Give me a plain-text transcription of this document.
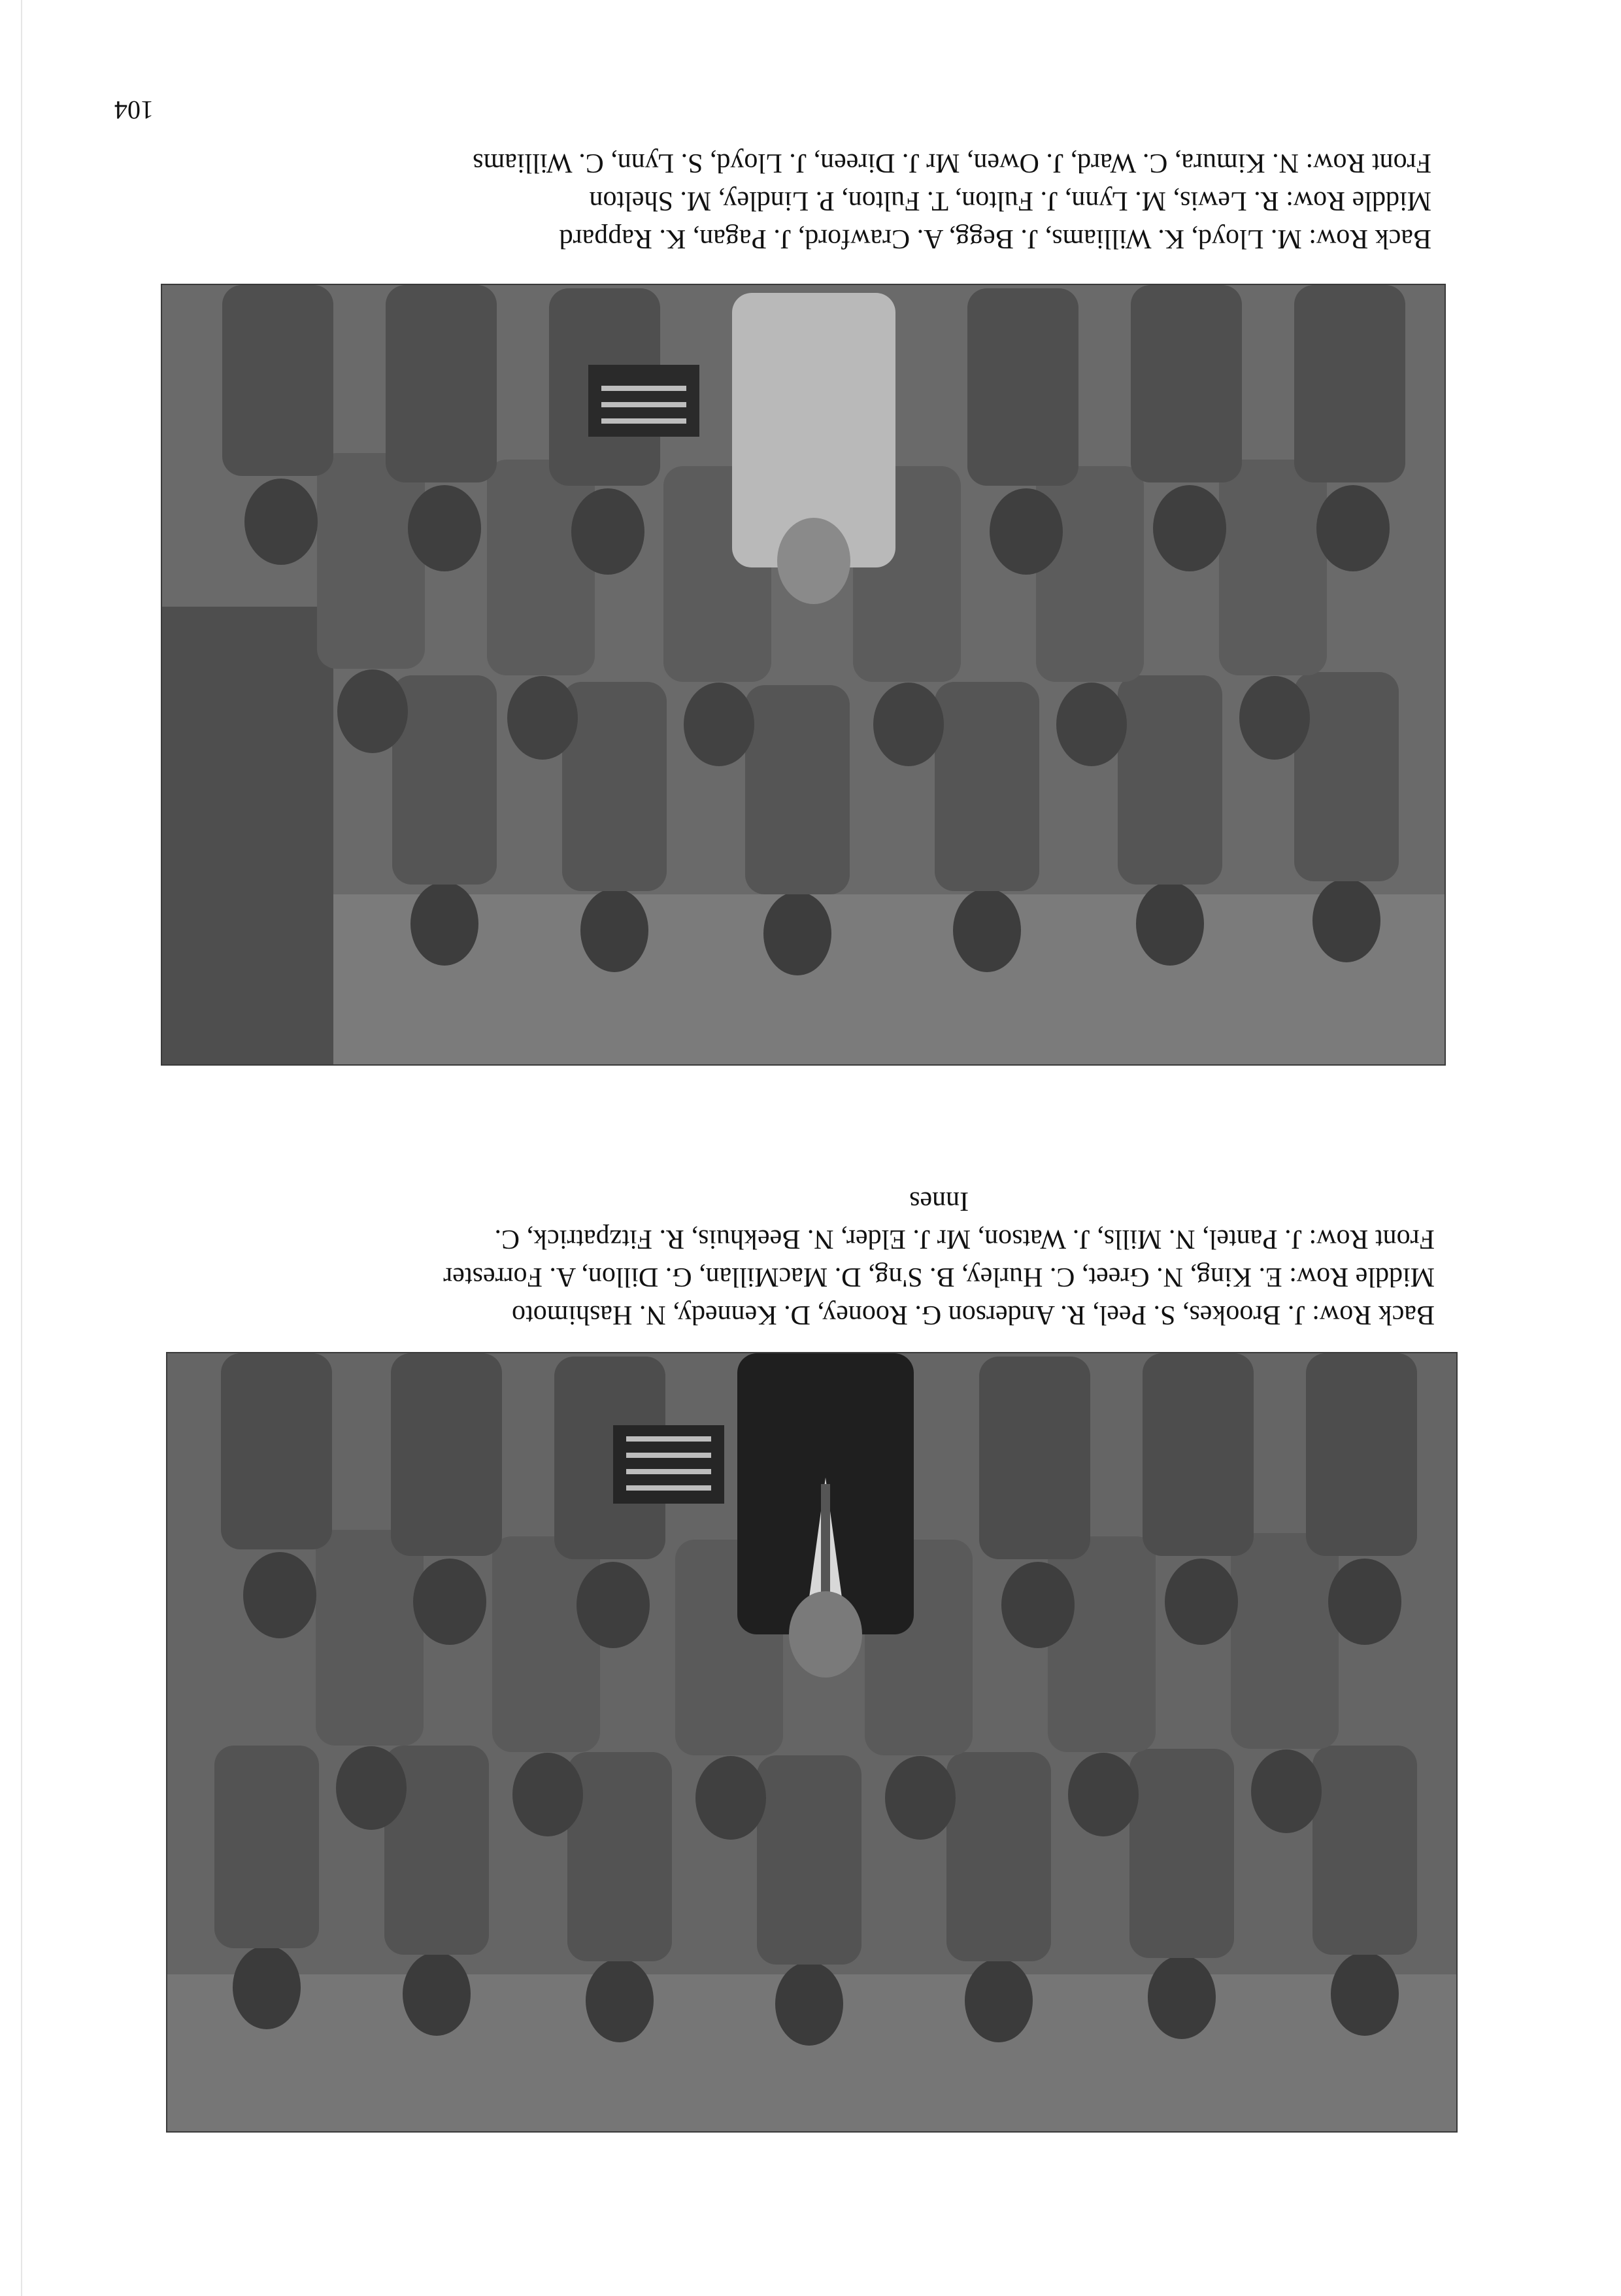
104
Back Row: M. Lloyd, K. Williams, J. Begg, A. Crawford, J. Pagan, K. Rappard
Middle Row: R. Lewis, M. Lynn, J. Fulton, T. Fulton, P. Lindley, M. Shelton
Front Row: N. Kimura, C. Ward, J. Owen, Mr J. Direen, J. Lloyd, S. Lynn, C. Williams
Back Row: J. Brookes, S. Peel, R. Anderson G. Rooney, D. Kennedy, N. Hashimoto
Middle Row: E. King, N. Greet, C. Hurley, B. S'ng, D. MacMillan, G. Dillon, A. Forrester
Front Row: J. Pantel, N. Mills, J. Watson, Mr J. Elder, N. Beekhuis, R. Fitzpatrick, C.
Innes
